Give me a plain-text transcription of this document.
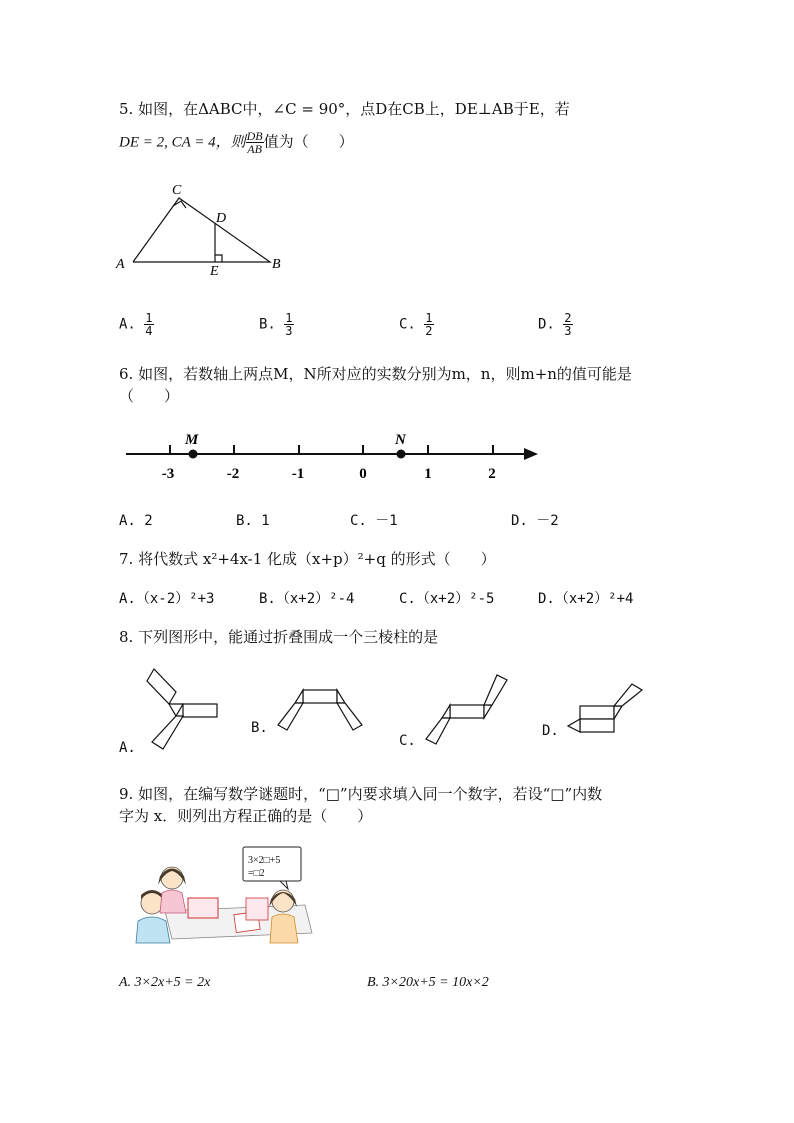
5. 如图，在ΔABC中，∠C = 90°，点D在CB上，DE⊥AB于E，若
DE = 2, CA = 4，则 $\frac{DB}{AB}$ 值为（　　）
A
C
D
E	B
A. $\frac{1}{4}$	B. $\frac{1}{3}$	C. $\frac{1}{2}$	D. $\frac{2}{3}$
6. 如图，若数轴上两点M，N所对应的实数分别为m，n，则m+n的值可能是
（　　）
M	N
-3	-2	-1	0	1	2
A. 2	B. 1	C. －1	D. －2
7. 将代数式 x²+4x-1 化成（x+p）²+q 的形式（　　）
A.（x-2）²+3	B.（x+2）²-4	C.（x+2）²-5	D.（x+2）²+4
8. 下列图形中，能通过折叠围成一个三棱柱的是
A.
B.
C.
D.
9. 如图，在编写数学谜题时，“□”内要求填入同一个数字，若设“□”内数
字为 x．则列出方程正确的是（　　）
3×2□+5
=□2
A. 3×2x+5 = 2x	B. 3×20x+5 = 10x×2
